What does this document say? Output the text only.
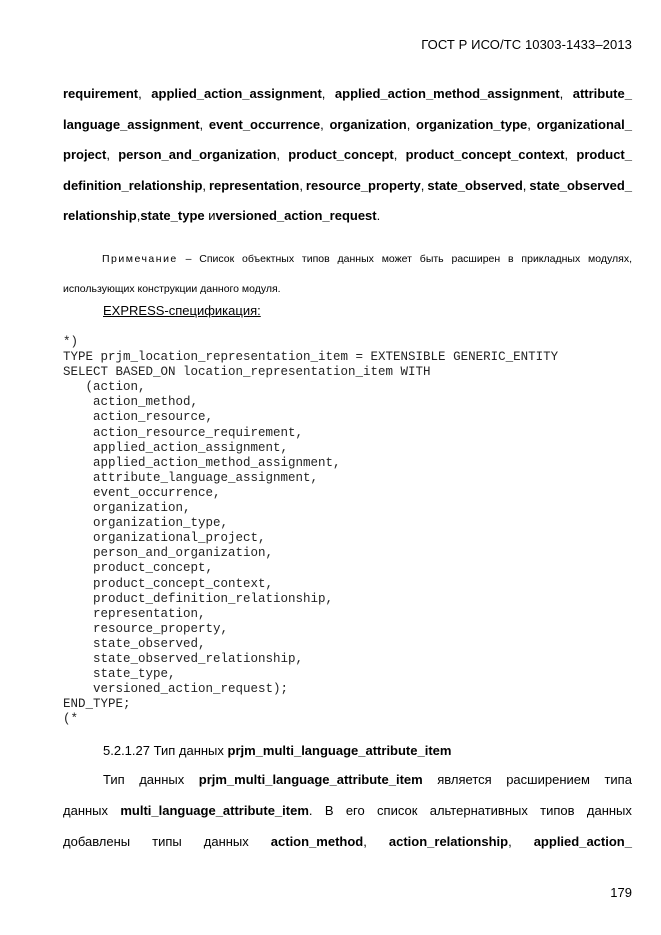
ГОСТ Р ИСО/ТС 10303-1433–2013
requirement, applied_action_assignment, applied_action_method_assignment, attribute_
language_assignment, event_occurrence, organization, organization_type, organizational_
project, person_and_organization, product_concept, product_concept_context, product_
definition_relationship, representation, resource_property, state_observed, state_observed_
relationship, state_type и versioned_action_request.
Примечание – Список объектных типов данных может быть расширен в прикладных модулях,
использующих конструкции данного модуля.
EXPRESS-спецификация:
*)
TYPE prjm_location_representation_item = EXTENSIBLE GENERIC_ENTITY
SELECT BASED_ON location_representation_item WITH
(action,
action_method,
action_resource,
action_resource_requirement,
applied_action_assignment,
applied_action_method_assignment,
attribute_language_assignment,
event_occurrence,
organization,
organization_type,
organizational_project,
person_and_organization,
product_concept,
product_concept_context,
product_definition_relationship,
representation,
resource_property,
state_observed,
state_observed_relationship,
state_type,
versioned_action_request);
END_TYPE;
(*
5.2.1.27 Тип данных prjm_multi_language_attribute_item
Тип данных prjm_multi_language_attribute_item является расширением типа
данных multi_language_attribute_item. В его список альтернативных типов данных
добавлены типы данных action_method, action_relationship, applied_action_
179
